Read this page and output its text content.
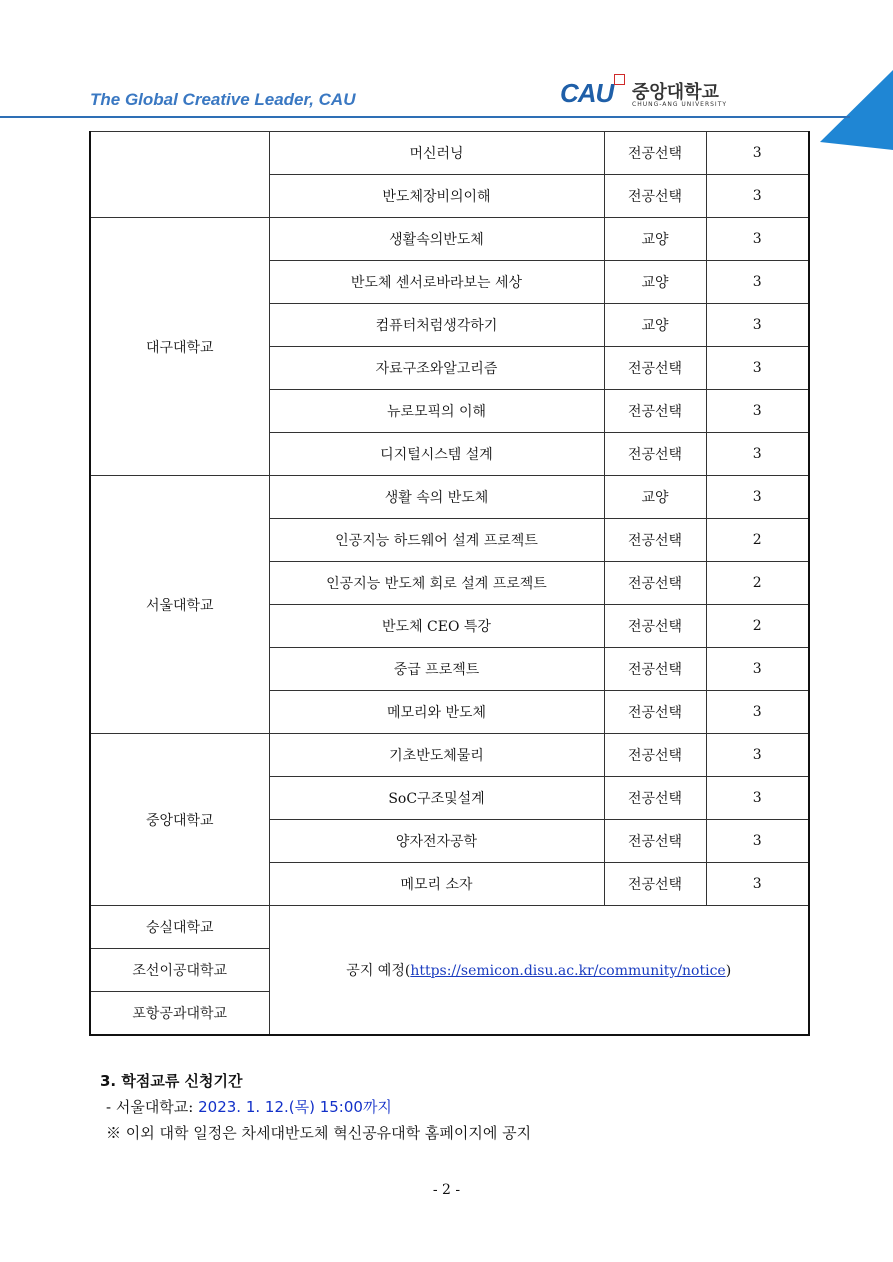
The Global Creative Leader, CAU	CAU 중앙대학교
CHUNG-ANG UNIVERSITY
	머신러닝	전공선택	3
	반도체장비의이해	전공선택	3
대구대학교	생활속의반도체	교양	3
	반도체 센서로바라보는 세상	교양	3
	컴퓨터처럼생각하기	교양	3
	자료구조와알고리즘	전공선택	3
	뉴로모픽의 이해	전공선택	3
	디지털시스템 설계	전공선택	3
서울대학교	생활 속의 반도체	교양	3
	인공지능 하드웨어 설계 프로젝트	전공선택	2
	인공지능 반도체 회로 설계 프로젝트	전공선택	2
	반도체 CEO 특강	전공선택	2
	중급 프로젝트	전공선택	3
	메모리와 반도체	전공선택	3
중앙대학교	기초반도체물리	전공선택	3
	SoC구조및설계	전공선택	3
	양자전자공학	전공선택	3
	메모리 소자	전공선택	3
숭실대학교	공지 예정(https://semicon.disu.ac.kr/community/notice)		
조선이공대학교			
포항공과대학교			
3. 학점교류 신청기간
- 서울대학교: 2023. 1. 12.(목) 15:00까지
※ 이외 대학 일정은 차세대반도체 혁신공유대학 홈페이지에 공지
- 2 -
